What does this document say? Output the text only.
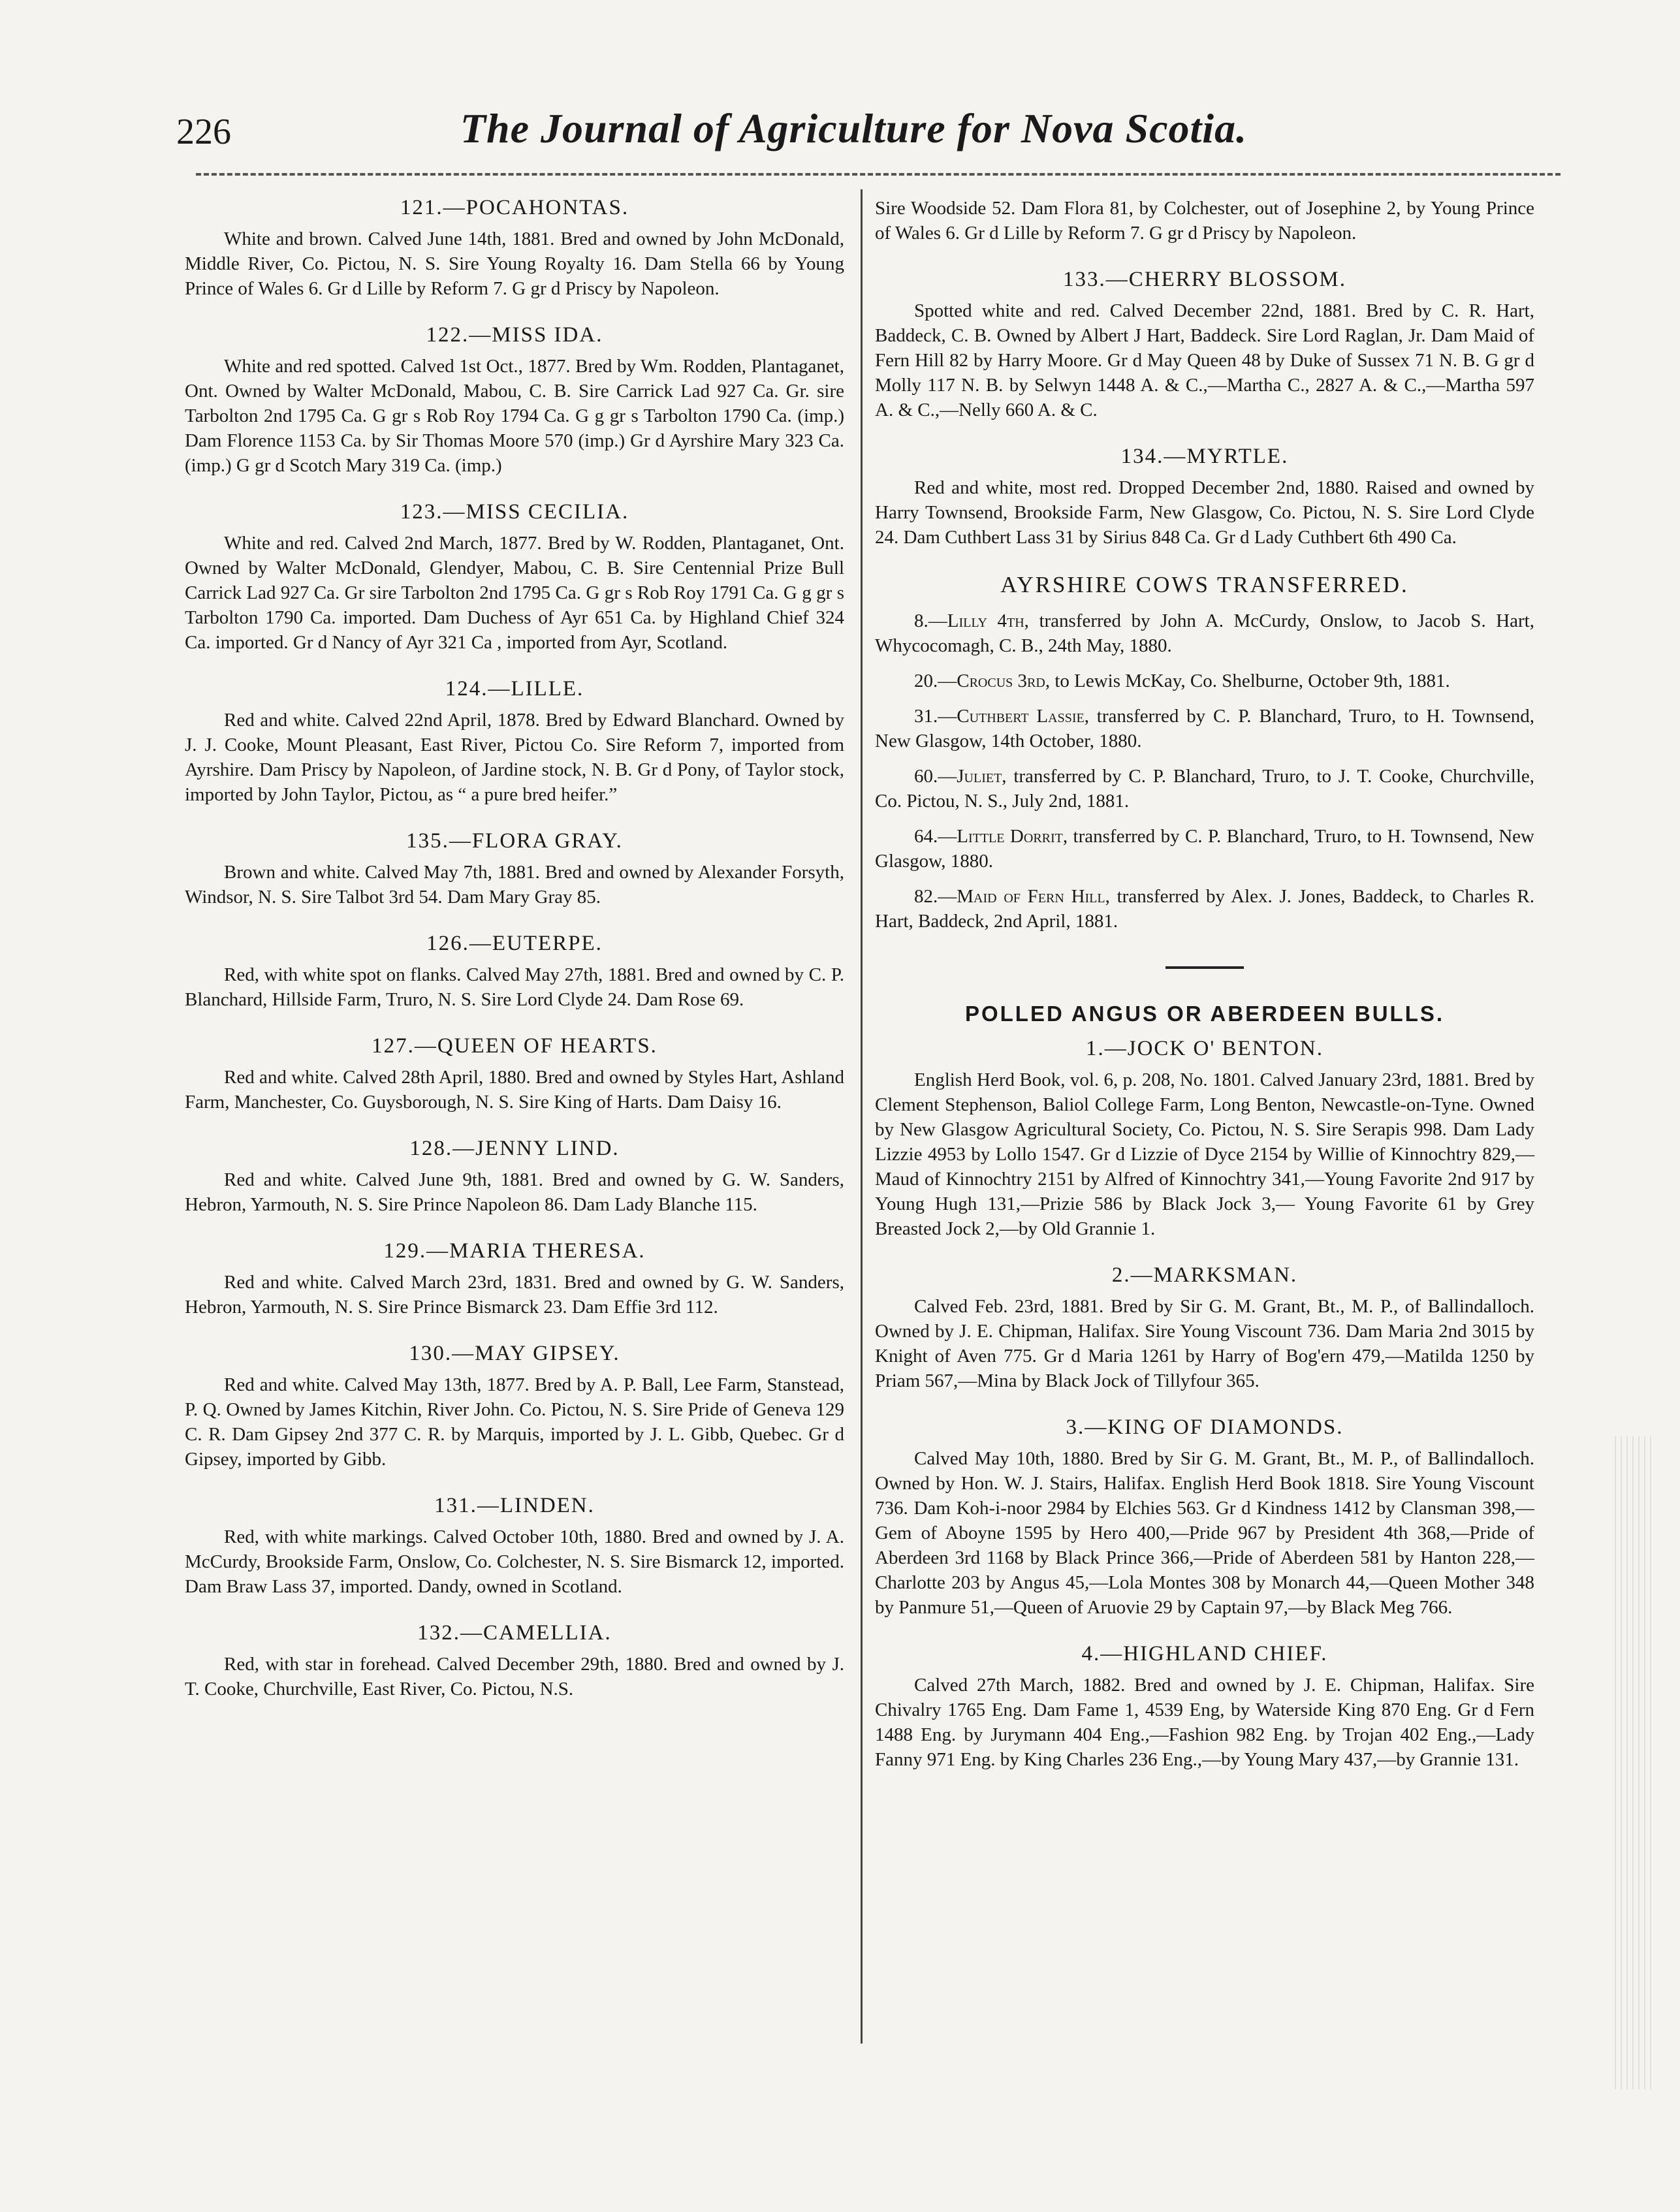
226	The Journal of Agriculture for Nova Scotia.
121.—POCAHONTAS.

White and brown. Calved June 14th, 1881. Bred and owned by John McDonald, Middle River, Co. Pictou, N. S. Sire Young Royalty 16. Dam Stella 66 by Young Prince of Wales 6. Gr d Lille by Reform 7. G gr d Priscy by Napoleon.

122.—MISS IDA.

White and red spotted. Calved 1st Oct., 1877. Bred by Wm. Rodden, Plantaganet, Ont. Owned by Walter McDonald, Mabou, C. B. Sire Carrick Lad 927 Ca. Gr. sire Tarbolton 2nd 1795 Ca. G gr s Rob Roy 1794 Ca. G g gr s Tarbolton 1790 Ca. (imp.) Dam Florence 1153 Ca. by Sir Thomas Moore 570 (imp.) Gr d Ayrshire Mary 323 Ca. (imp.) G gr d Scotch Mary 319 Ca. (imp.)

123.—MISS CECILIA.

White and red. Calved 2nd March, 1877. Bred by W. Rodden, Plantaganet, Ont. Owned by Walter McDonald, Glendyer, Mabou, C. B. Sire Centennial Prize Bull Carrick Lad 927 Ca. Gr sire Tarbolton 2nd 1795 Ca. G gr s Rob Roy 1791 Ca. G g gr s Tarbolton 1790 Ca. imported. Dam Duchess of Ayr 651 Ca. by Highland Chief 324 Ca. imported. Gr d Nancy of Ayr 321 Ca , imported from Ayr, Scotland.

124.—LILLE.

Red and white. Calved 22nd April, 1878. Bred by Edward Blanchard. Owned by J. J. Cooke, Mount Pleasant, East River, Pictou Co. Sire Reform 7, imported from Ayrshire. Dam Priscy by Napoleon, of Jardine stock, N. B. Gr d Pony, of Taylor stock, imported by John Taylor, Pictou, as “ a pure bred heifer.”

135.—FLORA GRAY.

Brown and white. Calved May 7th, 1881. Bred and owned by Alexander Forsyth, Windsor, N. S. Sire Talbot 3rd 54. Dam Mary Gray 85.

126.—EUTERPE.

Red, with white spot on flanks. Calved May 27th, 1881. Bred and owned by C. P. Blanchard, Hillside Farm, Truro, N. S. Sire Lord Clyde 24. Dam Rose 69.

127.—QUEEN OF HEARTS.

Red and white. Calved 28th April, 1880. Bred and owned by Styles Hart, Ashland Farm, Manchester, Co. Guysborough, N. S. Sire King of Harts. Dam Daisy 16.

128.—JENNY LIND.

Red and white. Calved June 9th, 1881. Bred and owned by G. W. Sanders, Hebron, Yarmouth, N. S. Sire Prince Napoleon 86. Dam Lady Blanche 115.

129.—MARIA THERESA.

Red and white. Calved March 23rd, 1831. Bred and owned by G. W. Sanders, Hebron, Yarmouth, N. S. Sire Prince Bismarck 23. Dam Effie 3rd 112.

130.—MAY GIPSEY.

Red and white. Calved May 13th, 1877. Bred by A. P. Ball, Lee Farm, Stanstead, P. Q. Owned by James Kitchin, River John. Co. Pictou, N. S. Sire Pride of Geneva 129 C. R. Dam Gipsey 2nd 377 C. R. by Marquis, imported by J. L. Gibb, Quebec. Gr d Gipsey, imported by Gibb.

131.—LINDEN.

Red, with white markings. Calved October 10th, 1880. Bred and owned by J. A. McCurdy, Brookside Farm, Onslow, Co. Colchester, N. S. Sire Bismarck 12, imported. Dam Braw Lass 37, imported. Dandy, owned in Scotland.

132.—CAMELLIA.

Red, with star in forehead. Calved December 29th, 1880. Bred and owned by J. T. Cooke, Churchville, East River, Co. Pictou, N.S.

Sire Woodside 52. Dam Flora 81, by Colchester, out of Josephine 2, by Young Prince of Wales 6. Gr d Lille by Reform 7. G gr d Priscy by Napoleon.

133.—CHERRY BLOSSOM.

Spotted white and red. Calved December 22nd, 1881. Bred by C. R. Hart, Baddeck, C. B. Owned by Albert J Hart, Baddeck. Sire Lord Raglan, Jr. Dam Maid of Fern Hill 82 by Harry Moore. Gr d May Queen 48 by Duke of Sussex 71 N. B. G gr d Molly 117 N. B. by Selwyn 1448 A. & C.,—Martha C., 2827 A. & C.,—Martha 597 A. & C.,—Nelly 660 A. & C.

134.—MYRTLE.

Red and white, most red. Dropped December 2nd, 1880. Raised and owned by Harry Townsend, Brookside Farm, New Glasgow, Co. Pictou, N. S. Sire Lord Clyde 24. Dam Cuthbert Lass 31 by Sirius 848 Ca. Gr d Lady Cuthbert 6th 490 Ca.

AYRSHIRE COWS TRANSFERRED.

8.—Lilly 4th, transferred by John A. McCurdy, Onslow, to Jacob S. Hart, Whycocomagh, C. B., 24th May, 1880.

20.—Crocus 3rd, to Lewis McKay, Co. Shelburne, October 9th, 1881.

31.—Cuthbert Lassie, transferred by C. P. Blanchard, Truro, to H. Townsend, New Glasgow, 14th October, 1880.

60.—Juliet, transferred by C. P. Blanchard, Truro, to J. T. Cooke, Churchville, Co. Pictou, N. S., July 2nd, 1881.

64.—Little Dorrit, transferred by C. P. Blanchard, Truro, to H. Townsend, New Glasgow, 1880.

82.—Maid of Fern Hill, transferred by Alex. J. Jones, Baddeck, to Charles R. Hart, Baddeck, 2nd April, 1881.

POLLED ANGUS OR ABERDEEN BULLS.
1.—JOCK O' BENTON.

English Herd Book, vol. 6, p. 208, No. 1801. Calved January 23rd, 1881. Bred by Clement Stephenson, Baliol College Farm, Long Benton, Newcastle-on-Tyne. Owned by New Glasgow Agricultural Society, Co. Pictou, N. S. Sire Serapis 998. Dam Lady Lizzie 4953 by Lollo 1547. Gr d Lizzie of Dyce 2154 by Willie of Kinnochtry 829,—Maud of Kinnochtry 2151 by Alfred of Kinnochtry 341,—Young Favorite 2nd 917 by Young Hugh 131,—Prizie 586 by Black Jock 3,— Young Favorite 61 by Grey Breasted Jock 2,—by Old Grannie 1.

2.—MARKSMAN.

Calved Feb. 23rd, 1881. Bred by Sir G. M. Grant, Bt., M. P., of Ballindalloch. Owned by J. E. Chipman, Halifax. Sire Young Viscount 736. Dam Maria 2nd 3015 by Knight of Aven 775. Gr d Maria 1261 by Harry of Bog'ern 479,—Matilda 1250 by Priam 567,—Mina by Black Jock of Tillyfour 365.

3.—KING OF DIAMONDS.

Calved May 10th, 1880. Bred by Sir G. M. Grant, Bt., M. P., of Ballindalloch. Owned by Hon. W. J. Stairs, Halifax. English Herd Book 1818. Sire Young Viscount 736. Dam Koh-i-noor 2984 by Elchies 563. Gr d Kindness 1412 by Clansman 398,—Gem of Aboyne 1595 by Hero 400,—Pride 967 by President 4th 368,—Pride of Aberdeen 3rd 1168 by Black Prince 366,—Pride of Aberdeen 581 by Hanton 228,—Charlotte 203 by Angus 45,—Lola Montes 308 by Monarch 44,—Queen Mother 348 by Panmure 51,—Queen of Aruovie 29 by Captain 97,—by Black Meg 766.

4.—HIGHLAND CHIEF.

Calved 27th March, 1882. Bred and owned by J. E. Chipman, Halifax. Sire Chivalry 1765 Eng. Dam Fame 1, 4539 Eng, by Waterside King 870 Eng. Gr d Fern 1488 Eng. by Jurymann 404 Eng.,—Fashion 982 Eng. by Trojan 402 Eng.,—Lady Fanny 971 Eng. by King Charles 236 Eng.,—by Young Mary 437,—by Grannie 131.
